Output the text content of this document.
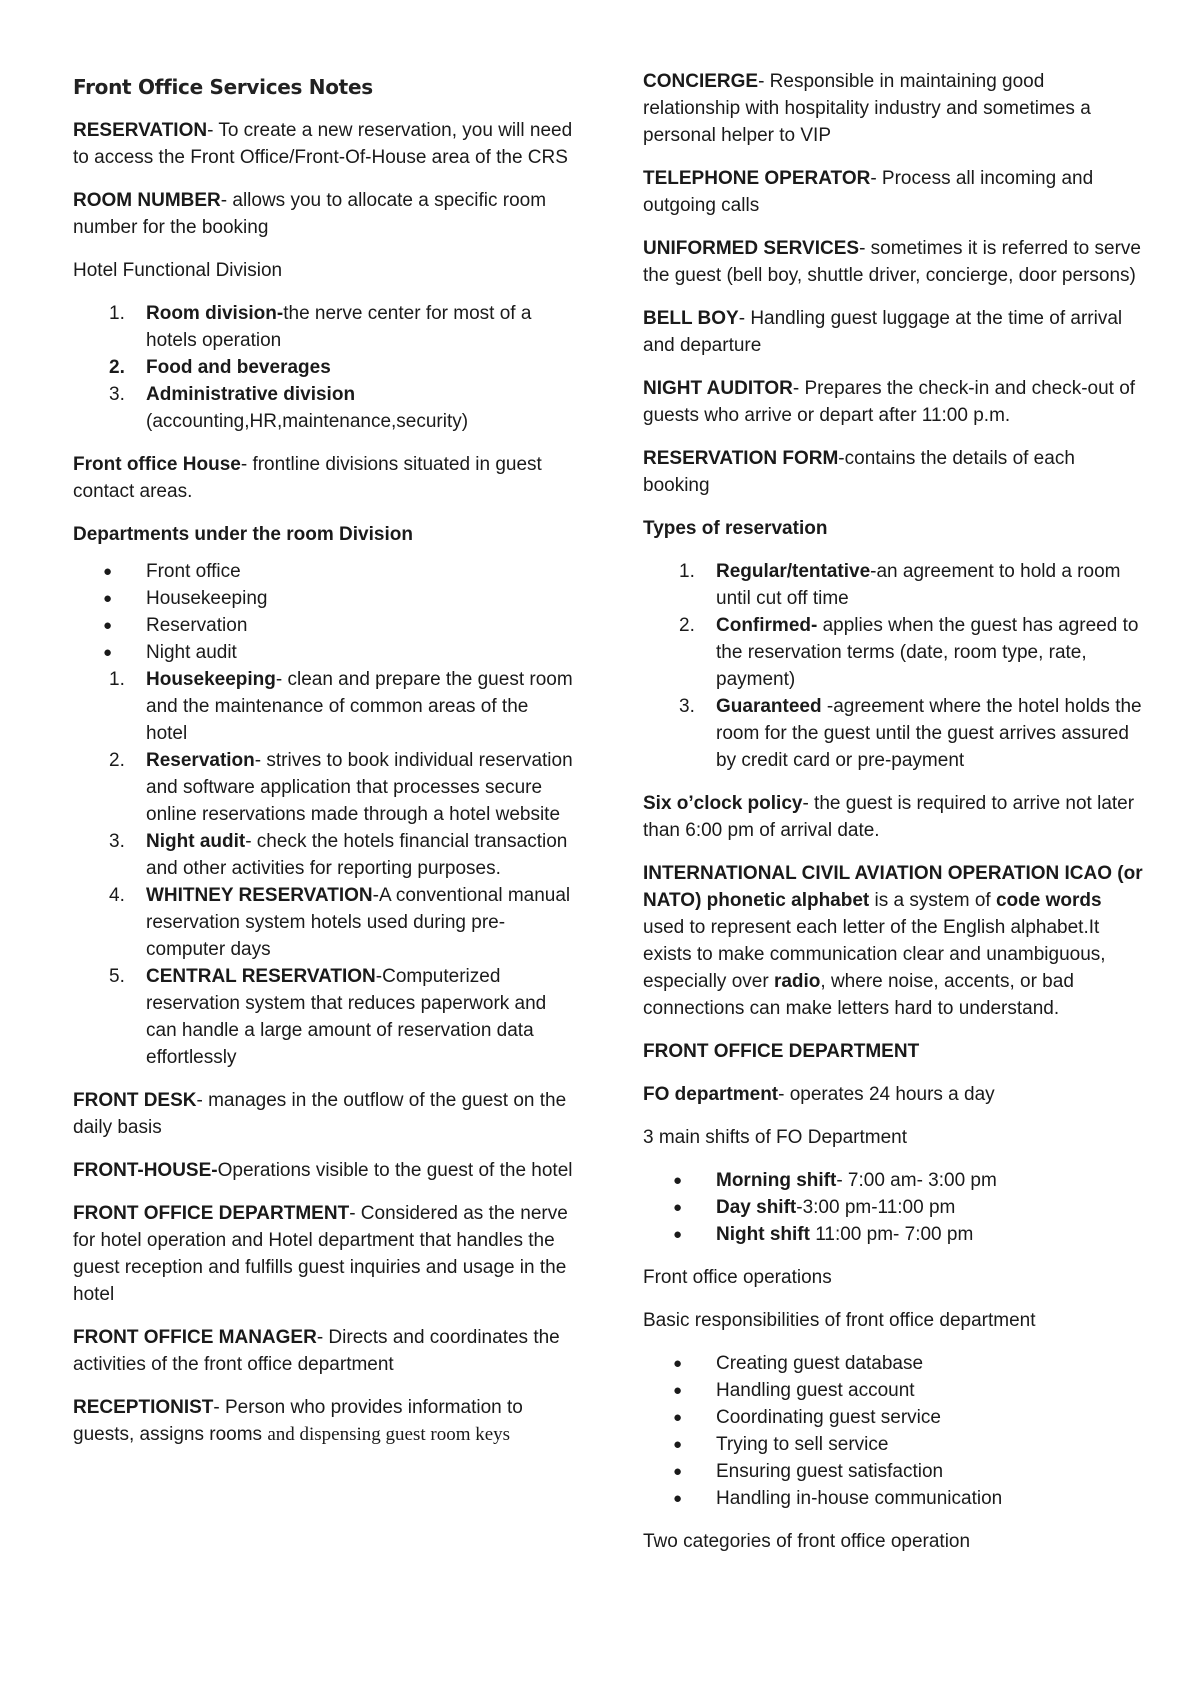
Front Office Services Notes

RESERVATION- To create a new reservation, you will need to access the Front Office/Front-Of-House area of the CRS

ROOM NUMBER- allows you to allocate a specific room number for the booking

Hotel Functional Division

1.	Room division-the nerve center for most of a hotels operation
2.	Food and beverages
3.	Administrative division
(accounting,HR,maintenance,security)

Front office House- frontline divisions situated in guest contact areas.

Departments under the room Division

●	Front office
●	Housekeeping
●	Reservation
●	Night audit
1.	Housekeeping- clean and prepare the guest room and the maintenance of common areas of the hotel
2.	Reservation- strives to book individual reservation and software application that processes secure online reservations made through a hotel website
3.	Night audit- check the hotels financial transaction and other activities for reporting purposes.
4.	WHITNEY RESERVATION-A conventional manual reservation system hotels used during pre-computer days
5.	CENTRAL RESERVATION-Computerized reservation system that reduces paperwork and can handle a large amount of reservation data effortlessly

FRONT DESK- manages in the outflow of the guest on the daily basis

FRONT-HOUSE-Operations visible to the guest of the hotel

FRONT OFFICE DEPARTMENT- Considered as the nerve for hotel operation and Hotel department that handles the guest reception and fulfills guest inquiries and usage in the hotel

FRONT OFFICE MANAGER- Directs and coordinates the activities of the front office department

RECEPTIONIST- Person who provides information to guests, assigns rooms and dispensing guest room keys

CONCIERGE- Responsible in maintaining good relationship with hospitality industry and sometimes a personal helper to VIP

TELEPHONE OPERATOR- Process all incoming and outgoing calls

UNIFORMED SERVICES- sometimes it is referred to serve the guest (bell boy, shuttle driver, concierge, door persons)

BELL BOY- Handling guest luggage at the time of arrival and departure

NIGHT AUDITOR- Prepares the check-in and check-out of guests who arrive or depart after 11:00 p.m.

RESERVATION FORM-contains the details of each booking

Types of reservation

1.	Regular/tentative-an agreement to hold a room until cut off time
2.	Confirmed- applies when the guest has agreed to the reservation terms (date, room type, rate, payment)
3.	Guaranteed -agreement where the hotel holds the room for the guest until the guest arrives assured by credit card or pre-payment

Six o’clock policy- the guest is required to arrive not later than 6:00 pm of arrival date.

INTERNATIONAL CIVIL AVIATION OPERATION ICAO (or NATO) phonetic alphabet is a system of code words used to represent each letter of the English alphabet.It exists to make communication clear and unambiguous, especially over radio, where noise, accents, or bad connections can make letters hard to understand.

FRONT OFFICE DEPARTMENT

FO department- operates 24 hours a day

3 main shifts of FO Department

●	Morning shift- 7:00 am- 3:00 pm
●	Day shift-3:00 pm-11:00 pm
●	Night shift 11:00 pm- 7:00 pm

Front office operations

Basic responsibilities of front office department

●	Creating guest database
●	Handling guest account
●	Coordinating guest service
●	Trying to sell service
●	Ensuring guest satisfaction
●	Handling in-house communication

Two categories of front office operation
